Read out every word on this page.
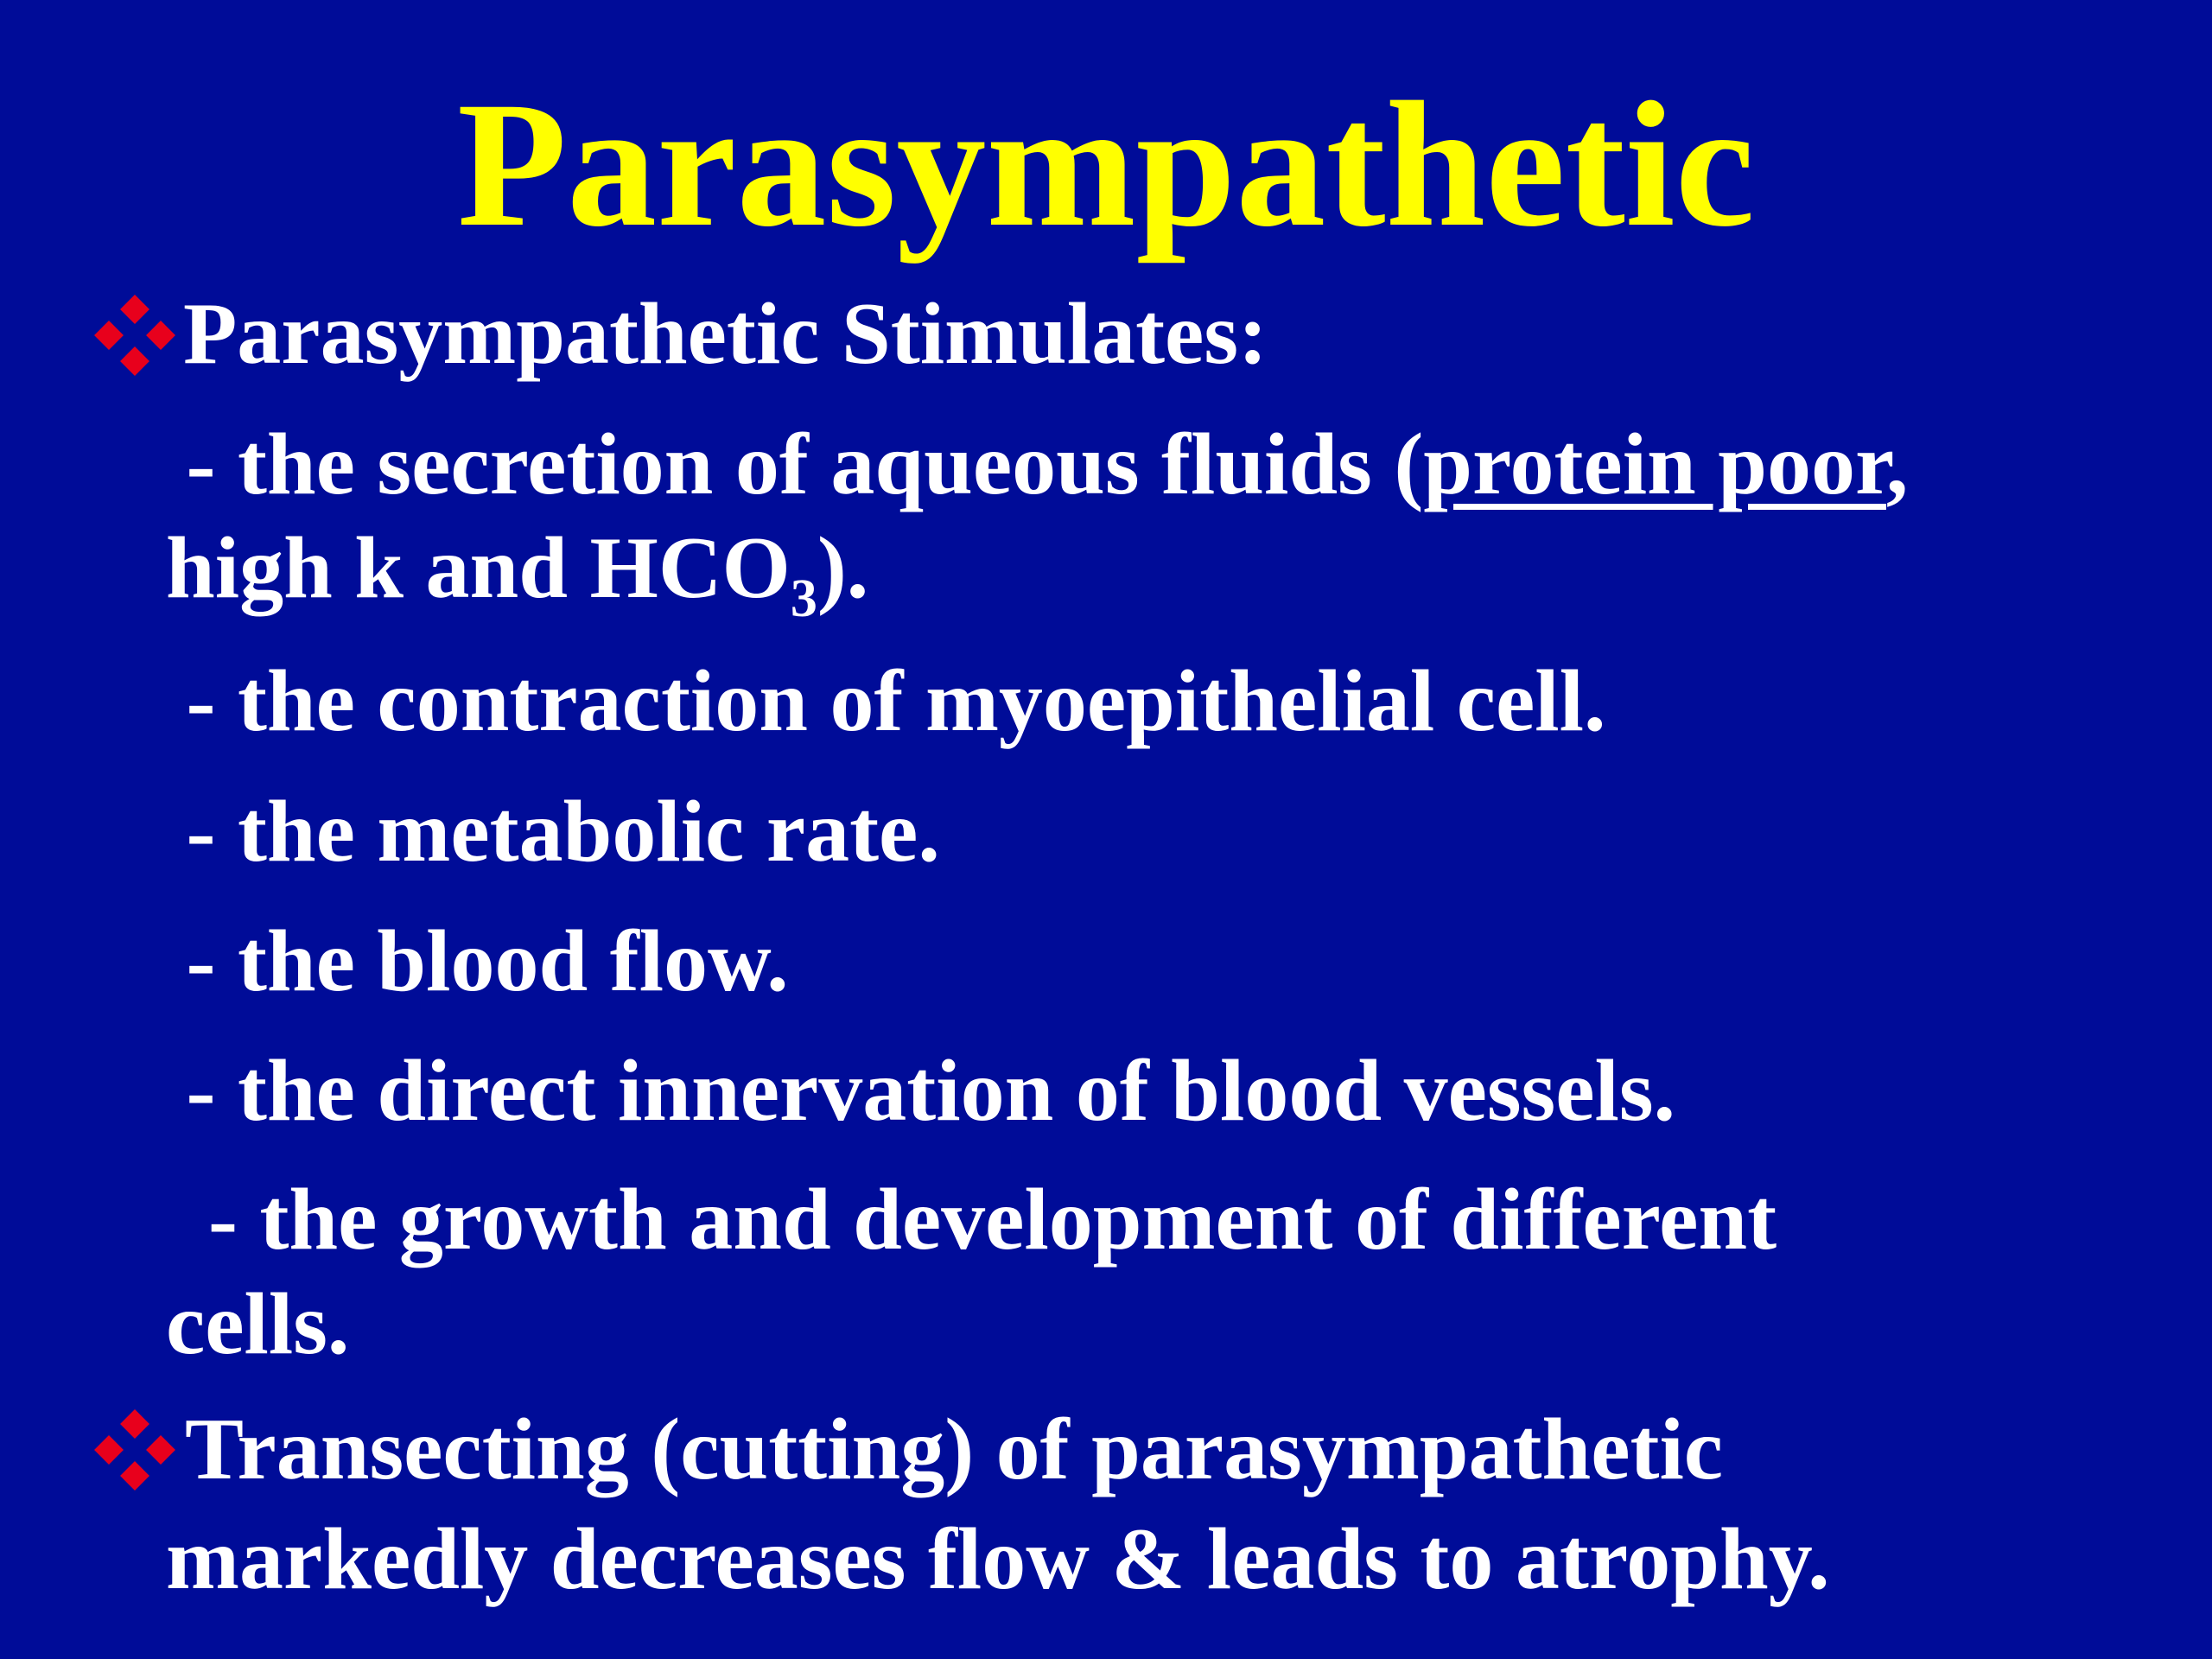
Parasympathetic
Parasympathetic Stimulates:
- the secretion of aqueous fluids (protein poor,
high k and $HCO_3$).
- the contraction of myoepithelial cell.
- the metabolic rate.
- the blood flow.
- the direct innervation of blood vessels.
- the growth and development of different
cells.
Transecting (cutting) of parasympathetic
markedly decreases flow & leads to atrophy.
